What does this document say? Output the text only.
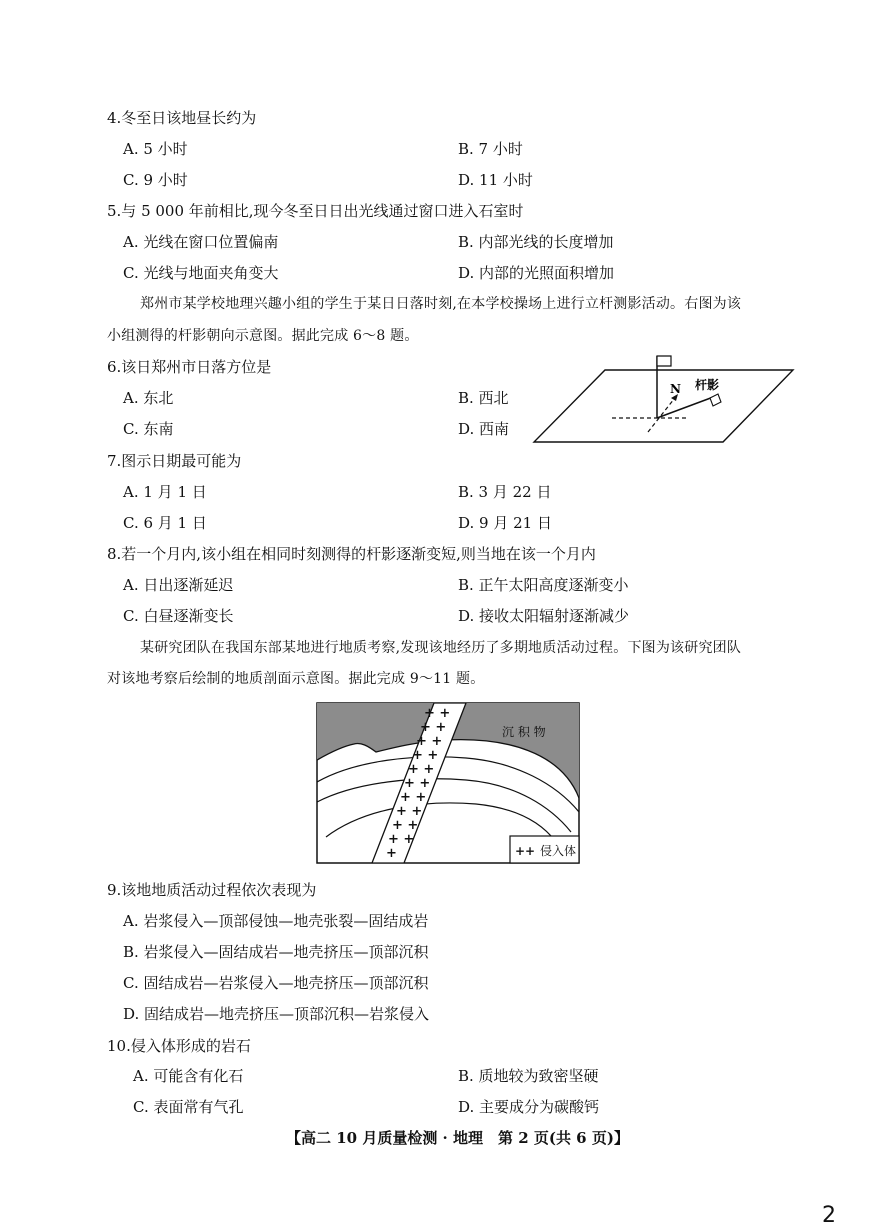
4.冬至日该地昼长约为
A. 5 小时	B. 7 小时
C. 9 小时	D. 11 小时
5.与 5 000 年前相比,现今冬至日日出光线通过窗口进入石室时
A. 光线在窗口位置偏南	B. 内部光线的长度增加
C. 光线与地面夹角变大	D. 内部的光照面积增加
郑州市某学校地理兴趣小组的学生于某日日落时刻,在本学校操场上进行立杆测影活动。右图为该
小组测得的杆影朝向示意图。据此完成 6～8 题。
6.该日郑州市日落方位是
A. 东北	B. 西北
C. 东南	D. 西南
N 杆影
7.图示日期最可能为
A. 1 月 1 日	B. 3 月 22 日
C. 6 月 1 日	D. 9 月 21 日
8.若一个月内,该小组在相同时刻测得的杆影逐渐变短,则当地在该一个月内
A. 日出逐渐延迟	B. 正午太阳高度逐渐变小
C. 白昼逐渐变长	D. 接收太阳辐射逐渐减少
某研究团队在我国东部某地进行地质考察,发现该地经历了多期地质活动过程。下图为该研究团队
对该地考察后绘制的地质剖面示意图。据此完成 9～11 题。
+ +
+ +
+ +
+ +
+ +
+ +
+ +
+ +
+ +
+ +
+
沉 积 物
++ 侵入体
9.该地地质活动过程依次表现为
A. 岩浆侵入—顶部侵蚀—地壳张裂—固结成岩
B. 岩浆侵入—固结成岩—地壳挤压—顶部沉积
C. 固结成岩—岩浆侵入—地壳挤压—顶部沉积
D. 固结成岩—地壳挤压—顶部沉积—岩浆侵入
10.侵入体形成的岩石
A. 可能含有化石	B. 质地较为致密坚硬
C. 表面常有气孔	D. 主要成分为碳酸钙
【高二 10 月质量检测 · 地理　第 2 页(共 6 页)】
2
